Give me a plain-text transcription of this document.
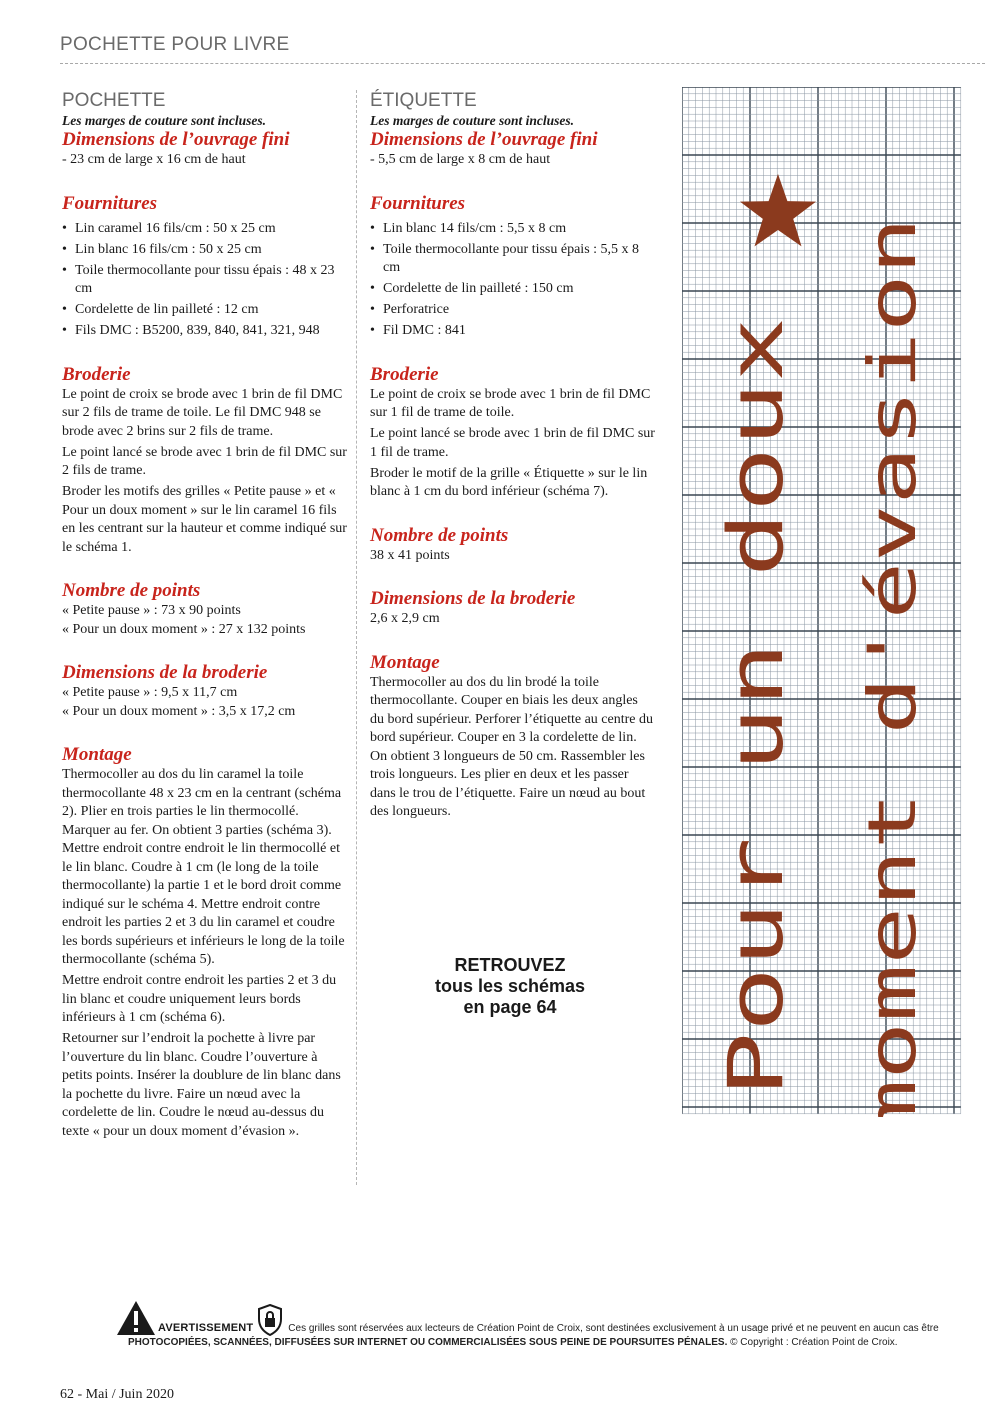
POCHETTE POUR LIVRE
POCHETTE
Les marges de couture sont incluses.
Dimensions de l’ouvrage fini

- 23 cm de large x 16 cm de haut

Fournitures
• Lin caramel 16 fils/cm : 50 x 25 cm
• Lin blanc 16 fils/cm : 50 x 25 cm
• Toile thermocollante pour tissu épais : 48 x 23 cm
• Cordelette de lin pailleté : 12 cm
• Fils DMC : B5200, 839, 840, 841, 321, 948
Broderie

Le point de croix se brode avec 1 brin de fil DMC sur 2 fils de trame de toile. Le fil DMC 948 se brode avec 2 brins sur 2 fils de trame.

Le point lancé se brode avec 1 brin de fil DMC sur 2 fils de trame.

Broder les motifs des grilles « Petite pause » et « Pour un doux moment » sur le lin caramel 16 fils en les centrant sur la hauteur et comme indiqué sur le schéma 1.

Nombre de points

« Petite pause » : 73 x 90 points

« Pour un doux moment » : 27 x 132 points

Dimensions de la broderie

« Petite pause » : 9,5 x 11,7 cm

« Pour un doux moment » : 3,5 x 17,2 cm

Montage

Thermocoller au dos du lin caramel la toile thermocollante 48 x 23 cm en la centrant (schéma 2). Plier en trois parties le lin thermocollé. Marquer au fer. On obtient 3 parties (schéma 3). Mettre endroit contre endroit le lin thermocollé et le lin blanc. Coudre à 1 cm (le long de la toile thermocollante) la partie 1 et le bord droit comme indiqué sur le schéma 4. Mettre endroit contre endroit les parties 2 et 3 du lin caramel et coudre les bords supérieurs et inférieurs le long de la toile thermocollante (schéma 5).

Mettre endroit contre endroit les parties 2 et 3 du lin blanc et coudre uniquement leurs bords inférieurs à 1 cm (schéma 6).

Retourner sur l’endroit la pochette à livre par l’ouverture du lin blanc. Coudre l’ouverture à petits points. Insérer la doublure de lin blanc dans la pochette du livre. Faire un nœud avec la cordelette de lin. Coudre le nœud au-dessus du texte « pour un doux moment d’évasion ».

ÉTIQUETTE
Les marges de couture sont incluses.
Dimensions de l’ouvrage fini

- 5,5 cm de large x 8 cm de haut

Fournitures
• Lin blanc 14 fils/cm : 5,5 x 8 cm
• Toile thermocollante pour tissu épais : 5,5 x 8 cm
• Cordelette de lin pailleté : 150 cm
• Perforatrice
• Fil DMC : 841
Broderie

Le point de croix se brode avec 1 brin de fil DMC sur 1 fil de trame de toile.

Le point lancé se brode avec 1 brin de fil DMC sur 1 fil de trame.

Broder le motif de la grille « Étiquette » sur le lin blanc à 1 cm du bord inférieur (schéma 7).

Nombre de points

38 x 41 points

Dimensions de la broderie

2,6 x 2,9 cm

Montage

Thermocoller au dos du lin brodé la toile thermocollante. Couper en biais les deux angles du bord supérieur. Perforer l’étiquette au centre du bord supérieur. Couper en 3 la cordelette de lin. On obtient 3 longueurs de 50 cm. Rassembler les trois longueurs. Les plier en deux et les passer dans le trou de l’étiquette. Faire un nœud au bout des longueurs.

RETROUVEZ
tous les schémas
en page 64	Pour un doux moment d'évasion
AVERTISSEMENT	Ces grilles sont réservées aux lecteurs de Création Point de Croix, sont destinées exclusivement à un usage privé et ne peuvent en aucun cas être
PHOTOCOPIÉES, SCANNÉES, DIFFUSÉES SUR INTERNET OU COMMERCIALISÉES SOUS PEINE DE POURSUITES PÉNALES. © Copyright : Création Point de Croix.
62 - Mai / Juin 2020
